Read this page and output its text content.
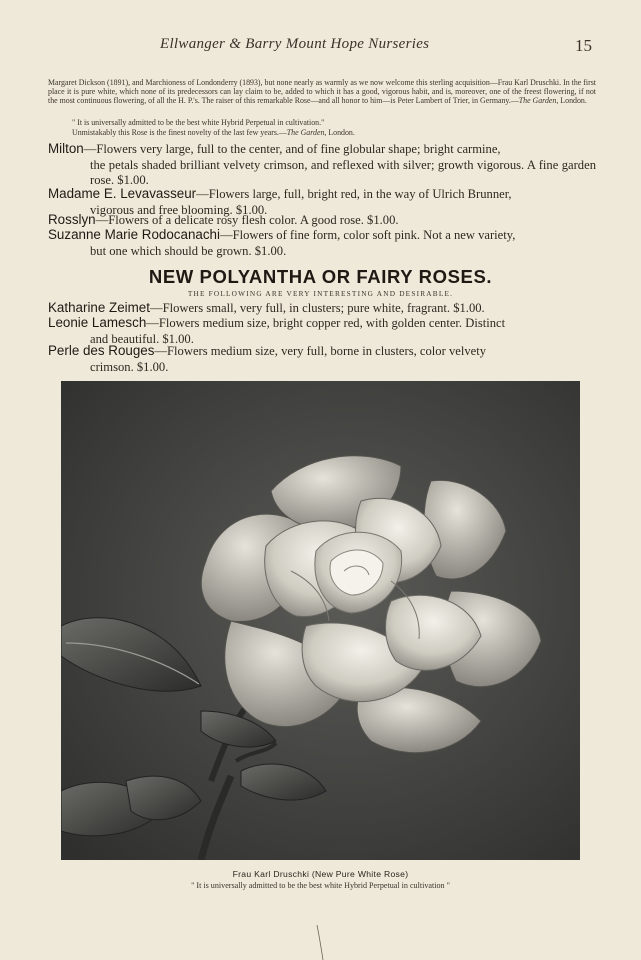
Ellwanger & Barry Mount Hope Nurseries	15

Margaret Dickson (1891), and Marchioness of Londonderry (1893), but none nearly as warmly as we now welcome this sterling acquisition—Frau Karl Druschki. In the first place it is pure white, which none of its predecessors can lay claim to be, added to which it has a good, vigorous habit, and is, moreover, one of the freest flowering, if not the most continuous flowering, of all the H. P.'s. The raiser of this remarkable Rose—and all honor to him—is Peter Lambert of Trier, in Germany.—The Garden, London.

" It is universally admitted to be the best white Hybrid Perpetual in cultivation."

Unmistakably this Rose is the finest novelty of the last few years.—The Garden, London.

Milton—Flowers very large, full to the center, and of fine globular shape; bright carmine,
the petals shaded brilliant velvety crimson, and reflexed with silver; growth vigorous. A fine garden rose. $1.00.

Madame E. Levavasseur—Flowers large, full, bright red, in the way of Ulrich Brunner,
vigorous and free blooming. $1.00.

Rosslyn—Flowers of a delicate rosy flesh color. A good rose. $1.00.

Suzanne Marie Rodocanachi—Flowers of fine form, color soft pink. Not a new variety,
but one which should be grown. $1.00.

NEW POLYANTHA OR FAIRY ROSES.

THE FOLLOWING ARE VERY INTERESTING AND DESIRABLE.

Katharine Zeimet—Flowers small, very full, in clusters; pure white, fragrant. $1.00.

Leonie Lamesch—Flowers medium size, bright copper red, with golden center. Distinct
and beautiful. $1.00.

Perle des Rouges—Flowers medium size, very full, borne in clusters, color velvety
crimson. $1.00.

Frau Karl Druschki (New Pure White Rose)

" It is universally admitted to be the best white Hybrid Perpetual in cultivation "
